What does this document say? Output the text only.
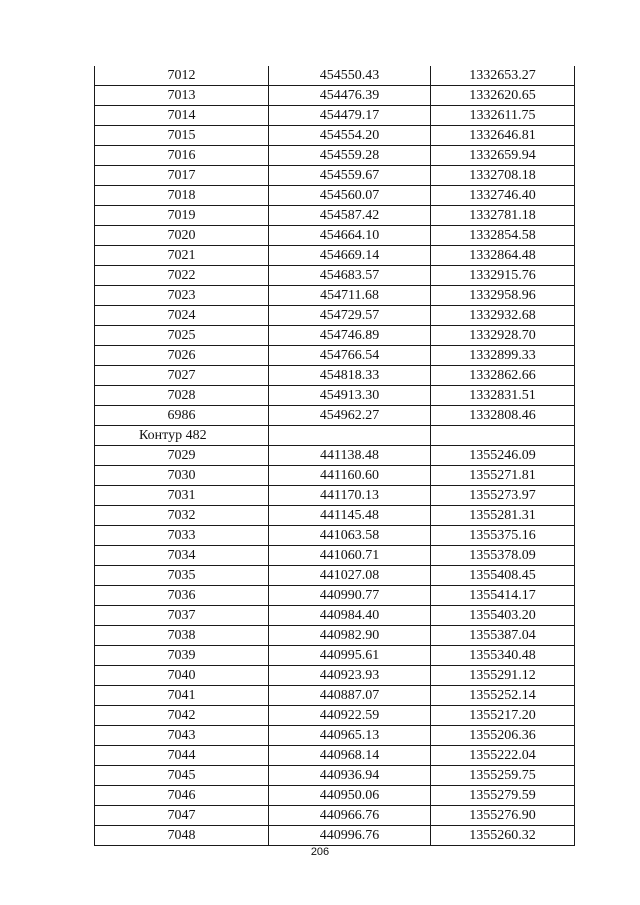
7012	454550.43	1332653.27
7013	454476.39	1332620.65
7014	454479.17	1332611.75
7015	454554.20	1332646.81
7016	454559.28	1332659.94
7017	454559.67	1332708.18
7018	454560.07	1332746.40
7019	454587.42	1332781.18
7020	454664.10	1332854.58
7021	454669.14	1332864.48
7022	454683.57	1332915.76
7023	454711.68	1332958.96
7024	454729.57	1332932.68
7025	454746.89	1332928.70
7026	454766.54	1332899.33
7027	454818.33	1332862.66
7028	454913.30	1332831.51
6986	454962.27	1332808.46
Контур 482		
7029	441138.48	1355246.09
7030	441160.60	1355271.81
7031	441170.13	1355273.97
7032	441145.48	1355281.31
7033	441063.58	1355375.16
7034	441060.71	1355378.09
7035	441027.08	1355408.45
7036	440990.77	1355414.17
7037	440984.40	1355403.20
7038	440982.90	1355387.04
7039	440995.61	1355340.48
7040	440923.93	1355291.12
7041	440887.07	1355252.14
7042	440922.59	1355217.20
7043	440965.13	1355206.36
7044	440968.14	1355222.04
7045	440936.94	1355259.75
7046	440950.06	1355279.59
7047	440966.76	1355276.90
7048	440996.76	1355260.32
206
